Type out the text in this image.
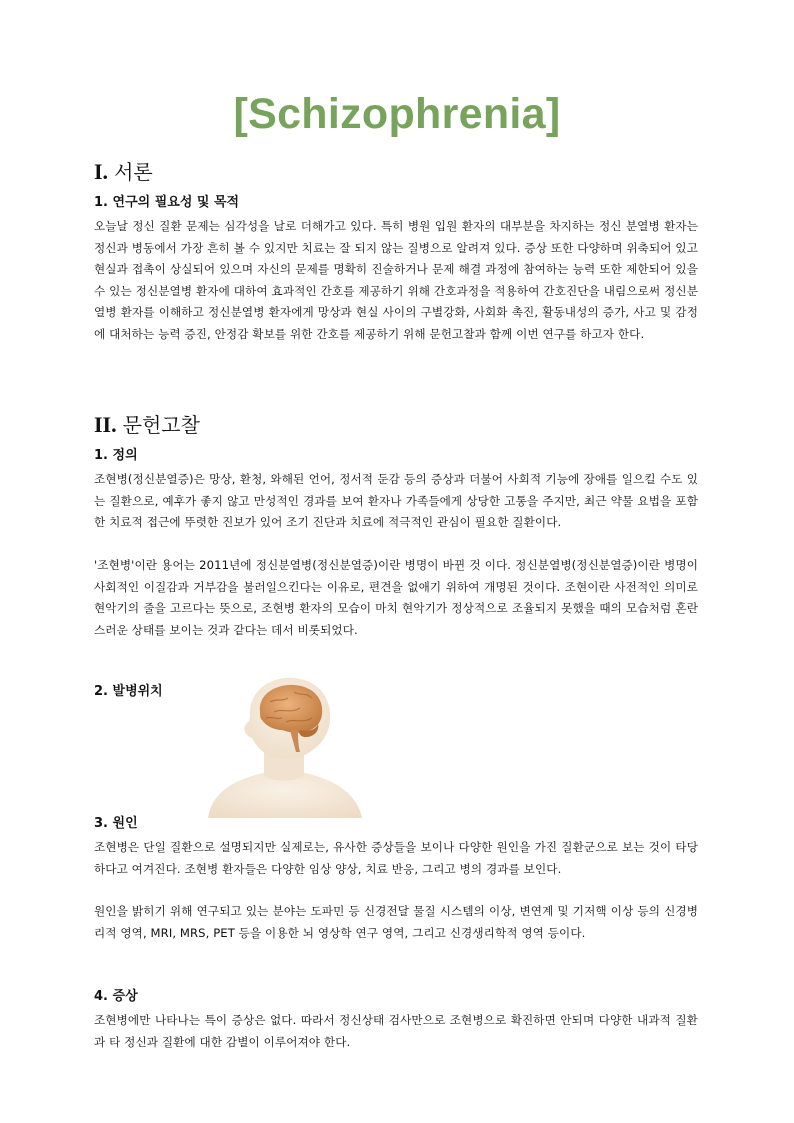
[Schizophrenia]
I. 서론
1. 연구의 필요성 및 목적

오늘날 정신 질환 문제는 심각성을 날로 더해가고 있다. 특히 병원 입원 환자의 대부분을 차지하는 정신 분열병 환자는 정신과 병동에서 가장 흔히 볼 수 있지만 치료는 잘 되지 않는 질병으로 알려져 있다. 증상 또한 다양하며 위축되어 있고 현실과 접촉이 상실되어 있으며 자신의 문제를 명확히 진술하거나 문제 해결 과정에 참여하는 능력 또한 제한되어 있을 수 있는 정신분열병 환자에 대하여 효과적인 간호를 제공하기 위해 간호과정을 적용하여 간호진단을 내림으로써 정신분열병 환자를 이해하고 정신분열병 환자에게 망상과 현실 사이의 구별강화, 사회화 촉진, 활동내성의 증가, 사고 및 감정에 대처하는 능력 증진, 안정감 확보를 위한 간호를 제공하기 위해 문헌고찰과 함께 이번 연구를 하고자 한다.

II. 문헌고찰
1. 정의

조현병(정신분열증)은 망상, 환청, 와해된 언어, 정서적 둔감 등의 증상과 더불어 사회적 기능에 장애를 일으킬 수도 있는 질환으로, 예후가 좋지 않고 만성적인 경과를 보여 환자나 가족들에게 상당한 고통을 주지만, 최근 약물 요법을 포함한 치료적 접근에 뚜렷한 진보가 있어 조기 진단과 치료에 적극적인 관심이 필요한 질환이다.

'조현병'이란 용어는 2011년에 정신분열병(정신분열증)이란 병명이 바뀐 것 이다. 정신분열병(정신분열증)이란 병명이 사회적인 이질감과 거부감을 불러일으킨다는 이유로, 편견을 없애기 위하여 개명된 것이다. 조현이란 사전적인 의미로 현악기의 줄을 고르다는 뜻으로, 조현병 환자의 모습이 마치 현악기가 정상적으로 조율되지 못했을 때의 모습처럼 혼란스러운 상태를 보이는 것과 같다는 데서 비롯되었다.

2. 발병위치
3. 원인

조현병은 단일 질환으로 설명되지만 실제로는, 유사한 증상들을 보이나 다양한 원인을 가진 질환군으로 보는 것이 타당하다고 여겨진다. 조현병 환자들은 다양한 임상 양상, 치료 반응, 그리고 병의 경과를 보인다.

원인을 밝히기 위해 연구되고 있는 분야는 도파민 등 신경전달 물질 시스템의 이상, 변연계 및 기저핵 이상 등의 신경병리적 영역, MRI, MRS, PET 등을 이용한 뇌 영상학 연구 영역, 그리고 신경생리학적 영역 등이다.

4. 증상

조현병에만 나타나는 특이 증상은 없다. 따라서 정신상태 검사만으로 조현병으로 확진하면 안되며 다양한 내과적 질환과 타 정신과 질환에 대한 감별이 이루어져야 한다.
